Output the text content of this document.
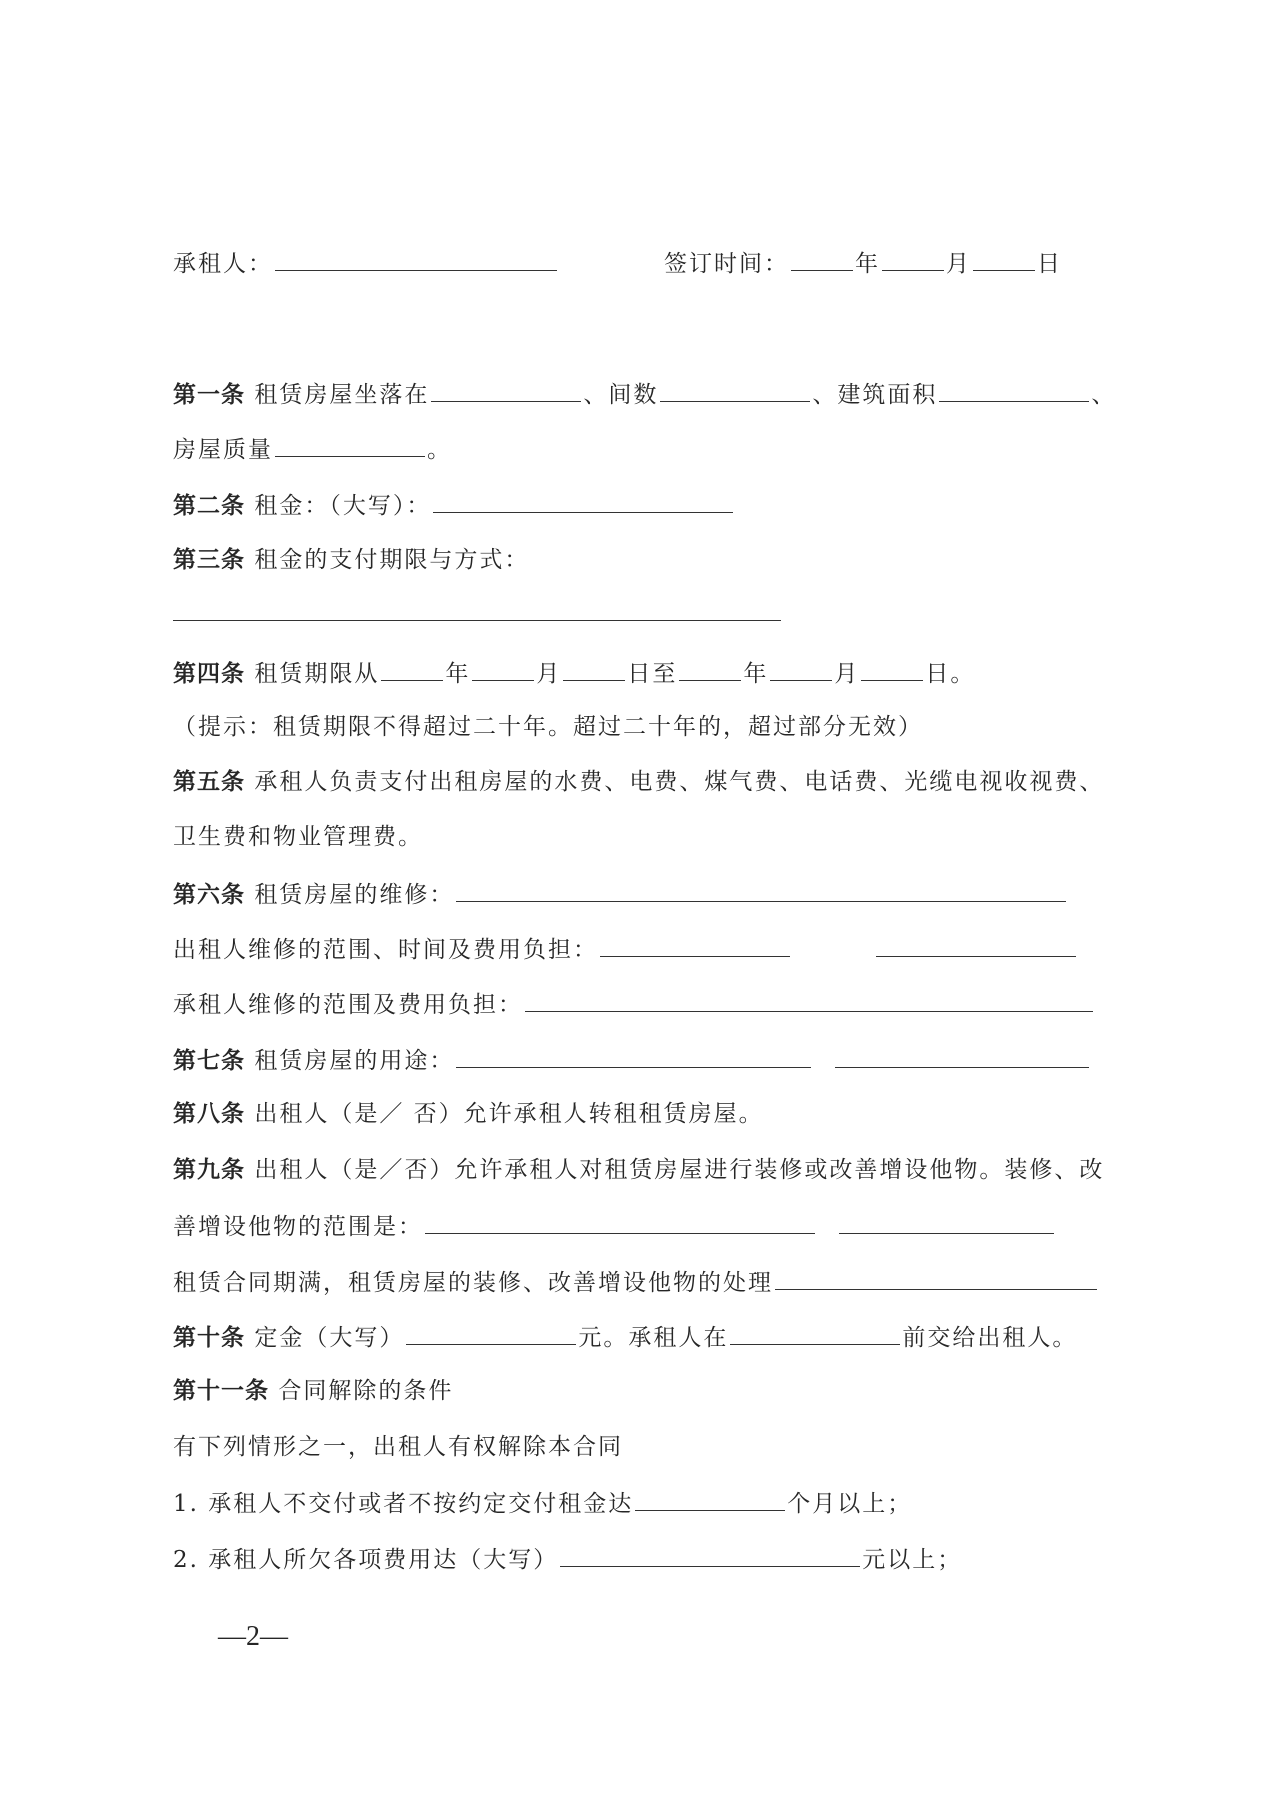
承租人：	签订时间：	年	月	日
第一条 租赁房屋坐落在	、间数	、建筑面积	、
房屋质量	。
第二条 租金：（大写）：
第三条 租金的支付期限与方式：
第四条 租赁期限从	年	月	日至	年	月	日。
（提示：租赁期限不得超过二十年。超过二十年的，超过部分无效）
第五条 承租人负责支付出租房屋的水费、电费、煤气费、电话费、光缆电视收视费、
卫生费和物业管理费。
第六条 租赁房屋的维修：
出租人维修的范围、时间及费用负担：
承租人维修的范围及费用负担：
第七条 租赁房屋的用途：
第八条 出租人（是／ 否）允许承租人转租租赁房屋。
第九条 出租人（是／否）允许承租人对租赁房屋进行装修或改善增设他物。装修、改
善增设他物的范围是：
租赁合同期满，租赁房屋的装修、改善增设他物的处理
第十条 定金（大写）	元。承租人在	前交给出租人。
第十一条 合同解除的条件
有下列情形之一，出租人有权解除本合同
1. 承租人不交付或者不按约定交付租金达	个月以上；
2. 承租人所欠各项费用达（大写）	元以上；
—2—
